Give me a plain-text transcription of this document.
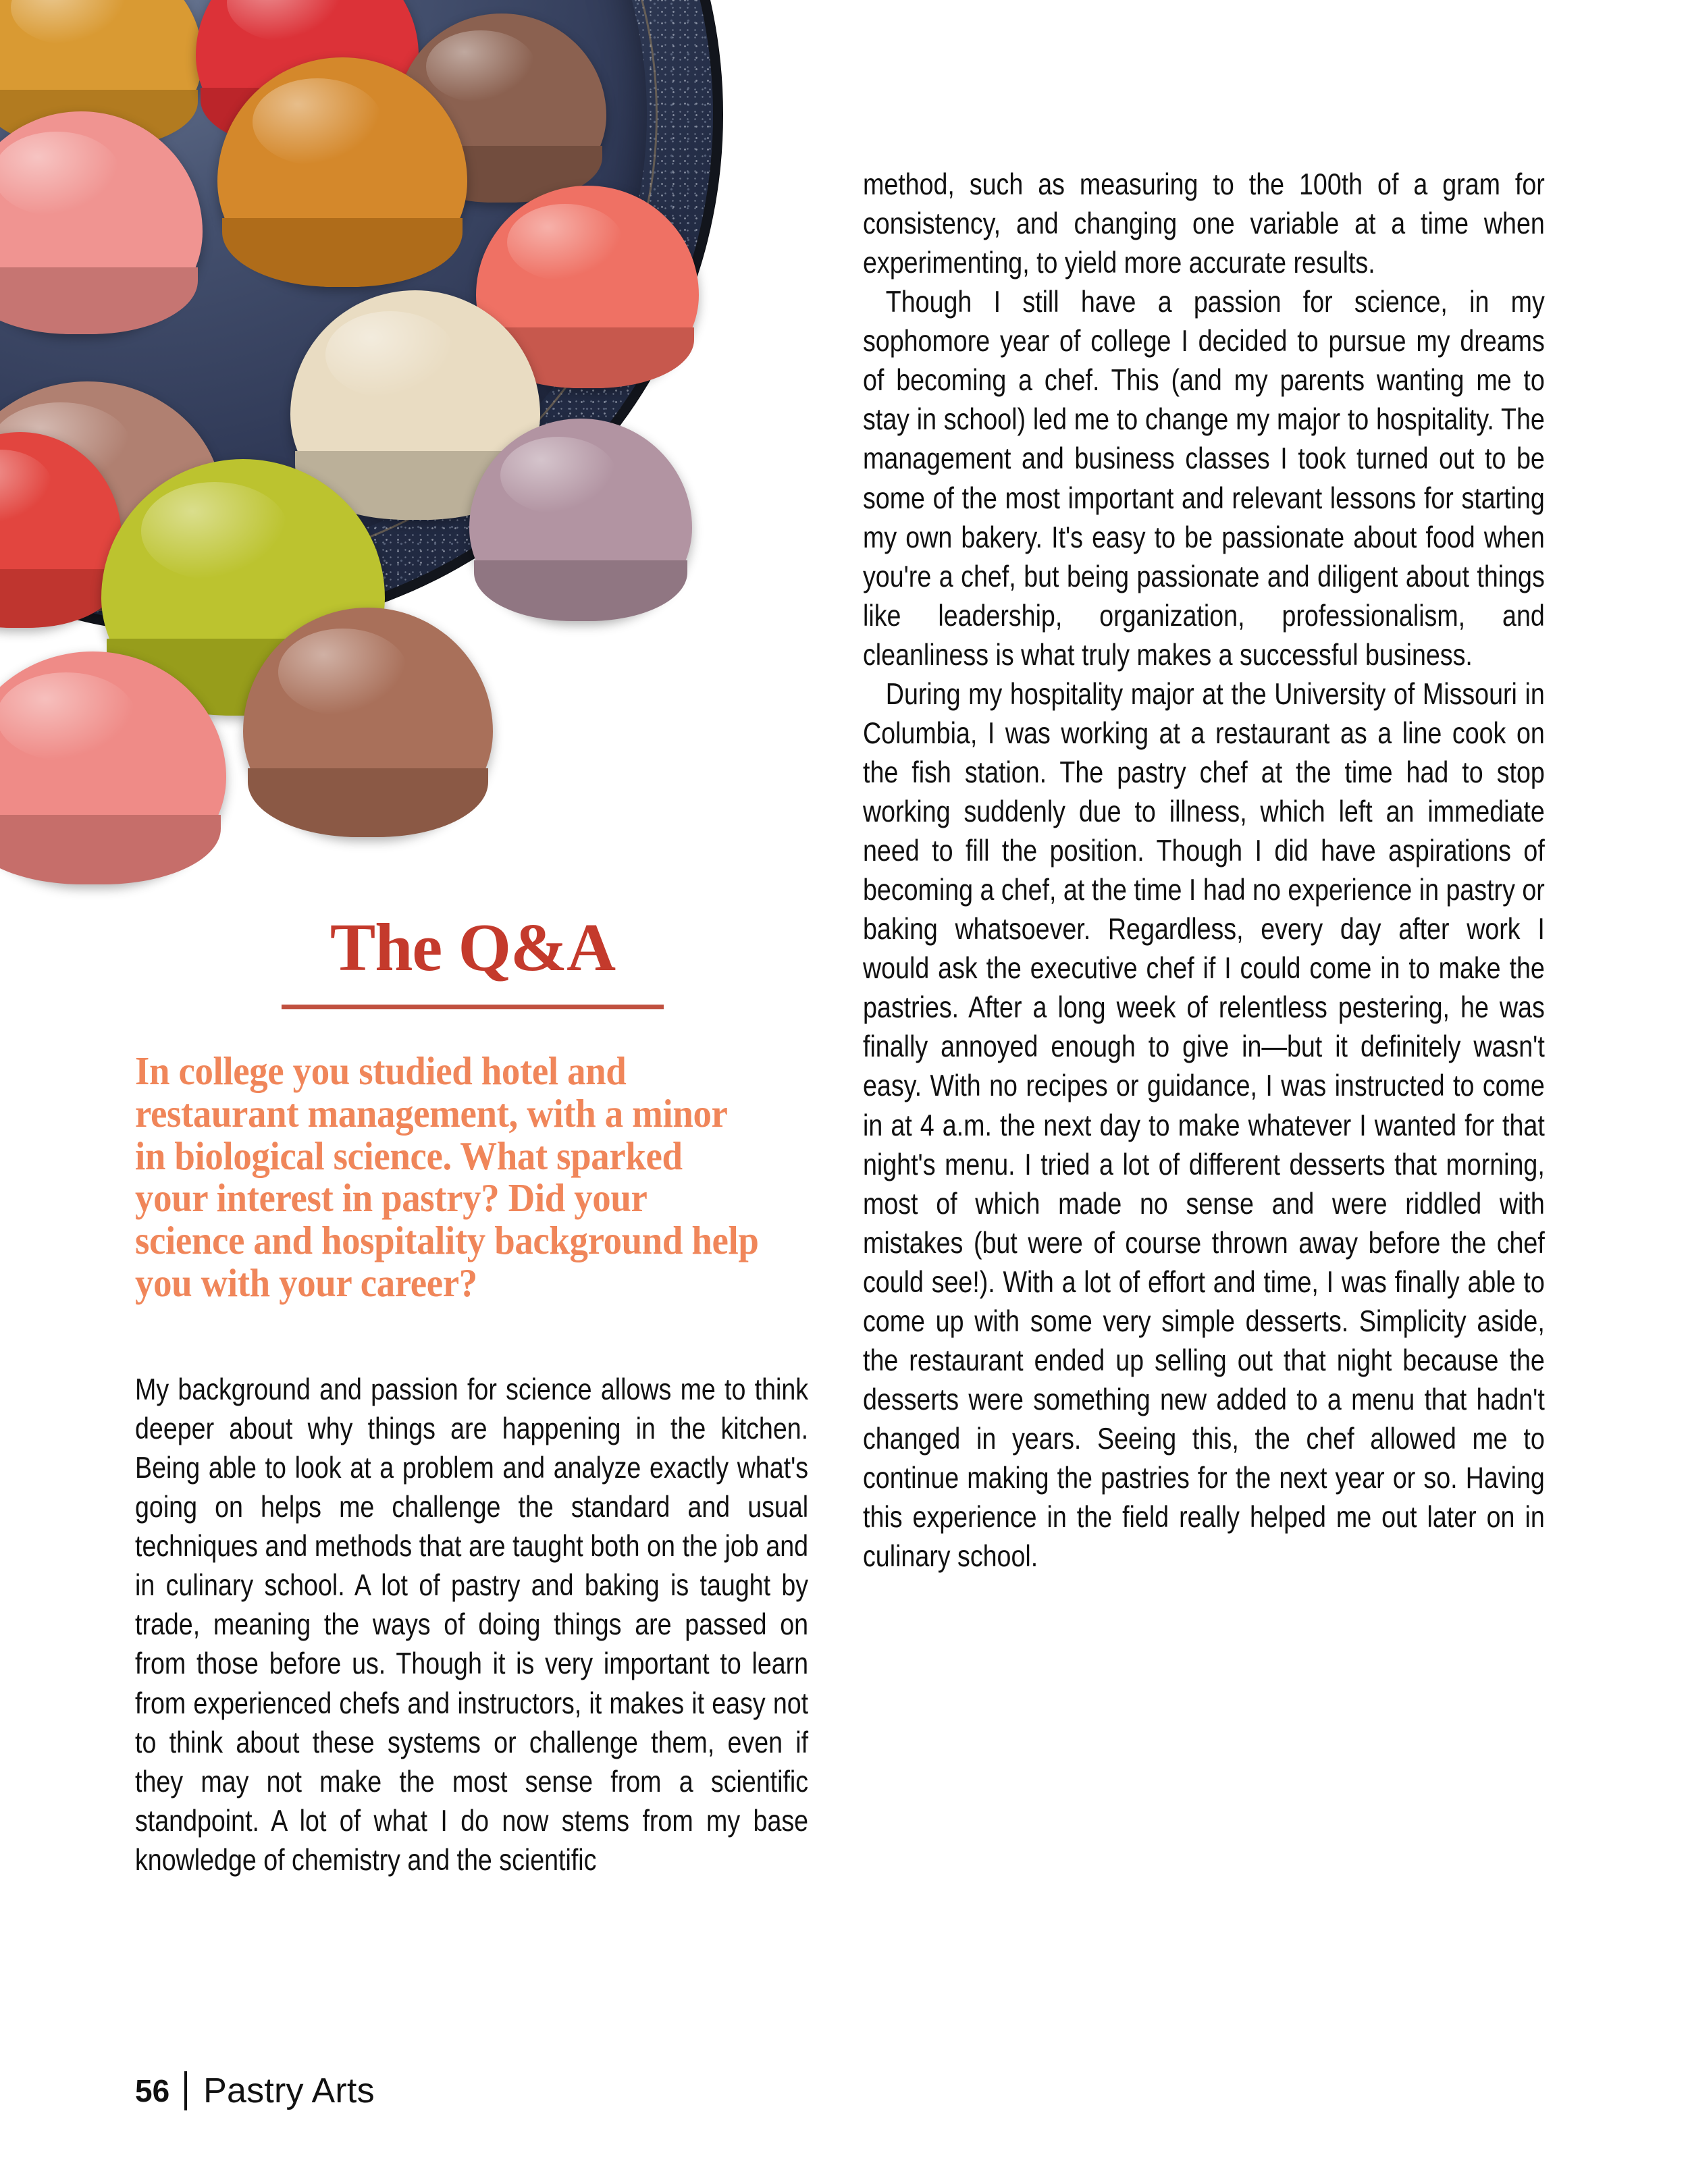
The Q&A

In college you studied hotel and restaurant management, with a minor in biological science. What sparked your interest in pastry? Did your science and hospitality background help you with your career?

My background and passion for science allows me to think deeper about why things are happening in the kitchen. Being able to look at a problem and analyze exactly what's going on helps me challenge the standard and usual techniques and methods that are taught both on the job and in culinary school. A lot of pastry and baking is taught by trade, meaning the ways of doing things are passed on from those before us. Though it is very important to learn from experienced chefs and instructors, it makes it easy not to think about these systems or challenge them, even if they may not make the most sense from a scientific standpoint. A lot of what I do now stems from my base knowledge of chemistry and the scientific

method, such as measuring to the 100th of a gram for consistency, and changing one variable at a time when experimenting, to yield more accurate results.

Though I still have a passion for science, in my sophomore year of college I decided to pursue my dreams of becoming a chef. This (and my parents wanting me to stay in school) led me to change my major to hospitality. The management and business classes I took turned out to be some of the most important and relevant lessons for starting my own bakery. It's easy to be passionate about food when you're a chef, but being passionate and diligent about things like leadership, organization, professionalism, and cleanliness is what truly makes a successful business.

During my hospitality major at the University of Missouri in Columbia, I was working at a restaurant as a line cook on the fish station. The pastry chef at the time had to stop working suddenly due to illness, which left an immediate need to fill the position. Though I did have aspirations of becoming a chef, at the time I had no experience in pastry or baking whatsoever. Regardless, every day after work I would ask the executive chef if I could come in to make the pastries. After a long week of relentless pestering, he was finally annoyed enough to give in—but it definitely wasn't easy. With no recipes or guidance, I was instructed to come in at 4 a.m. the next day to make whatever I wanted for that night's menu. I tried a lot of different desserts that morning, most of which made no sense and were riddled with mistakes (but were of course thrown away before the chef could see!). With a lot of effort and time, I was finally able to come up with some very simple desserts. Simplicity aside, the restaurant ended up selling out that night because the desserts were something new added to a menu that hadn't changed in years. Seeing this, the chef allowed me to continue making the pastries for the next year or so. Having this experience in the field really helped me out later on in culinary school.

56 Pastry Arts
